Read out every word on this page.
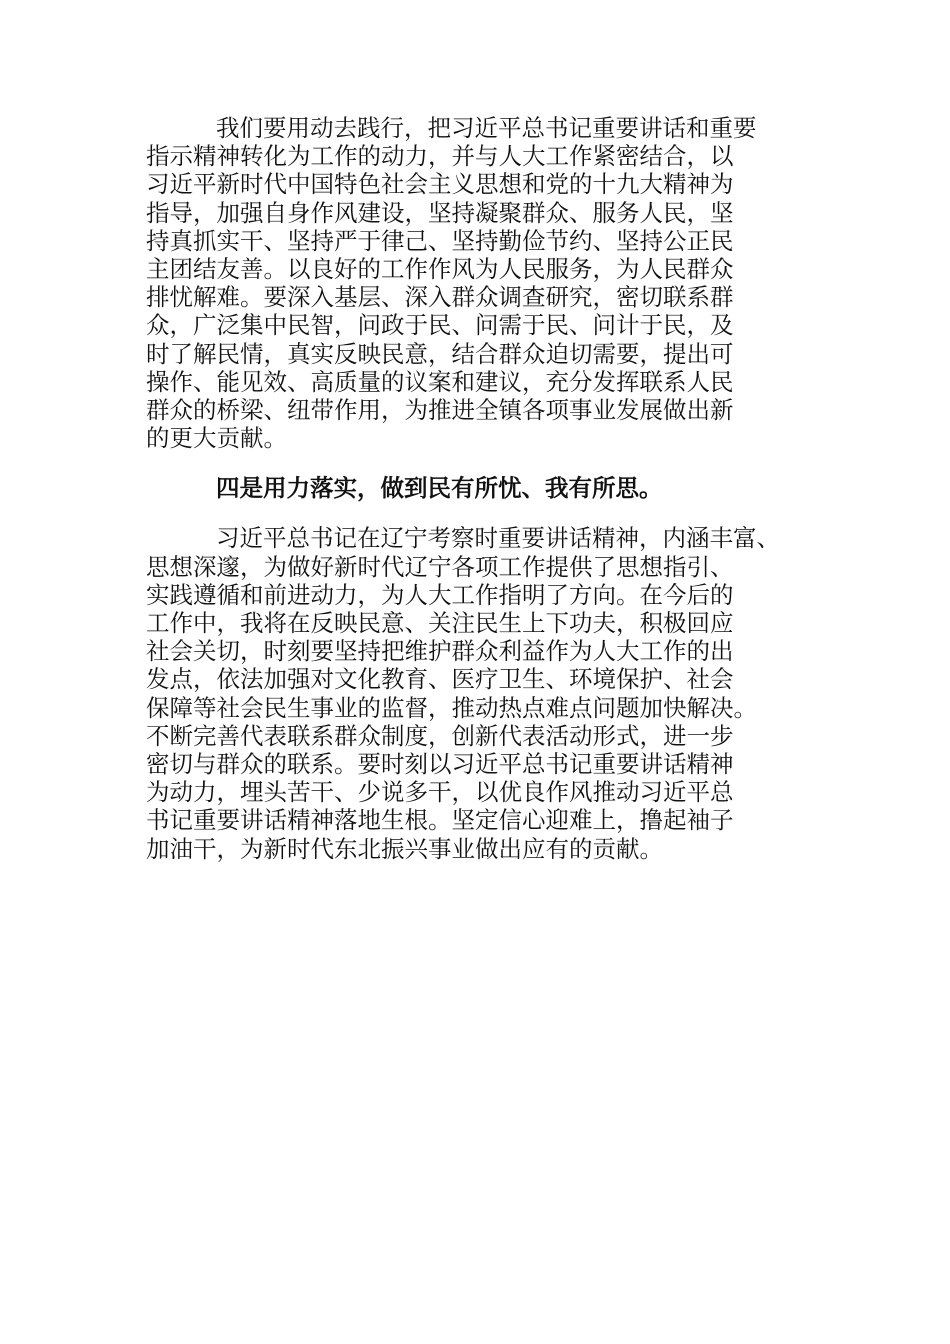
我们要用动去践行，把习近平总书记重要讲话和重要
指示精神转化为工作的动力，并与人大工作紧密结合，以
习近平新时代中国特色社会主义思想和党的十九大精神为
指导，加强自身作风建设，坚持凝聚群众、服务人民，坚
持真抓实干、坚持严于律己、坚持勤俭节约、坚持公正民
主团结友善。以良好的工作作风为人民服务，为人民群众
排忧解难。要深入基层、深入群众调查研究，密切联系群
众，广泛集中民智，问政于民、问需于民、问计于民，及
时了解民情，真实反映民意，结合群众迫切需要，提出可
操作、能见效、高质量的议案和建议，充分发挥联系人民
群众的桥梁、纽带作用，为推进全镇各项事业发展做出新
的更大贡献。
四是用力落实，做到民有所忧、我有所思。
习近平总书记在辽宁考察时重要讲话精神，内涵丰富、
思想深邃，为做好新时代辽宁各项工作提供了思想指引、
实践遵循和前进动力，为人大工作指明了方向。在今后的
工作中，我将在反映民意、关注民生上下功夫，积极回应
社会关切，时刻要坚持把维护群众利益作为人大工作的出
发点，依法加强对文化教育、医疗卫生、环境保护、社会
保障等社会民生事业的监督，推动热点难点问题加快解决。
不断完善代表联系群众制度，创新代表活动形式，进一步
密切与群众的联系。要时刻以习近平总书记重要讲话精神
为动力，埋头苦干、少说多干，以优良作风推动习近平总
书记重要讲话精神落地生根。坚定信心迎难上，撸起袖子
加油干，为新时代东北振兴事业做出应有的贡献。
